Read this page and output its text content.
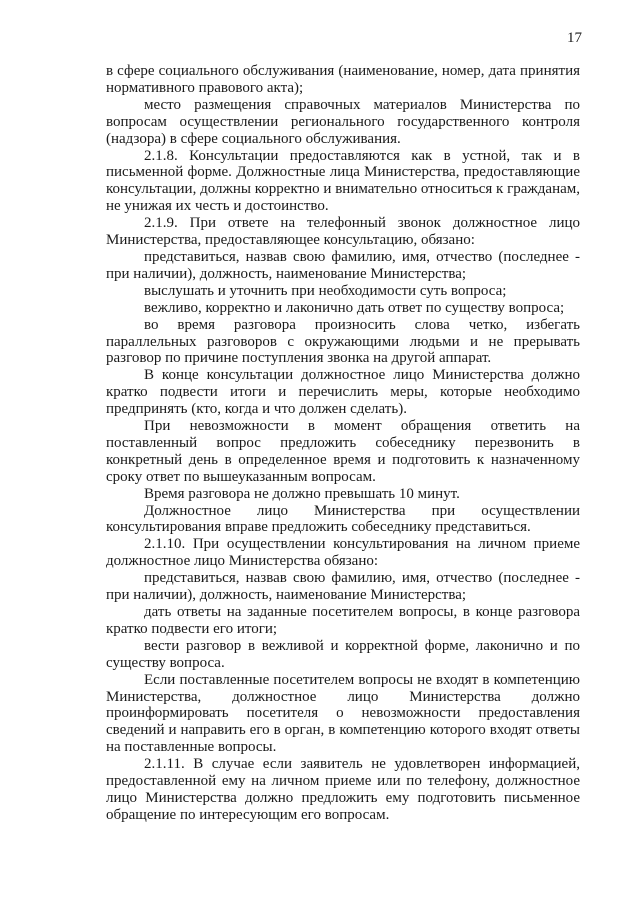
17

в сфере социального обслуживания (наименование, номер, дата принятия нормативного правового акта);

место размещения справочных материалов Министерства по вопросам осуществлении регионального государственного контроля (надзора) в сфере социального обслуживания.

2.1.8. Консультации предоставляются как в устной, так и в письменной форме. Должностные лица Министерства, предоставляющие консультации, должны корректно и внимательно относиться к гражданам, не унижая их честь и достоинство.

2.1.9. При ответе на телефонный звонок должностное лицо Министерства, предоставляющее консультацию, обязано:

представиться, назвав свою фамилию, имя, отчество (последнее - при наличии), должность, наименование Министерства;

выслушать и уточнить при необходимости суть вопроса;

вежливо, корректно и лаконично дать ответ по существу вопроса;

во время разговора произносить слова четко, избегать параллельных разговоров с окружающими людьми и не прерывать разговор по причине поступления звонка на другой аппарат.

В конце консультации должностное лицо Министерства должно кратко подвести итоги и перечислить меры, которые необходимо предпринять (кто, когда и что должен сделать).

При невозможности в момент обращения ответить на поставленный вопрос предложить собеседнику перезвонить в конкретный день в определенное время и подготовить к назначенному сроку ответ по вышеуказанным вопросам.

Время разговора не должно превышать 10 минут.

Должностное лицо Министерства при осуществлении консультирования вправе предложить собеседнику представиться.

2.1.10. При осуществлении консультирования на личном приеме должностное лицо Министерства обязано:

представиться, назвав свою фамилию, имя, отчество (последнее - при наличии), должность, наименование Министерства;

дать ответы на заданные посетителем вопросы, в конце разговора кратко подвести его итоги;

вести разговор в вежливой и корректной форме, лаконично и по существу вопроса.

Если поставленные посетителем вопросы не входят в компетенцию Министерства, должностное лицо Министерства должно проинформировать посетителя о невозможности предоставления сведений и направить его в орган, в компетенцию которого входят ответы на поставленные вопросы.

2.1.11. В случае если заявитель не удовлетворен информацией, предоставленной ему на личном приеме или по телефону, должностное лицо Министерства должно предложить ему подготовить письменное обращение по интересующим его вопросам.
